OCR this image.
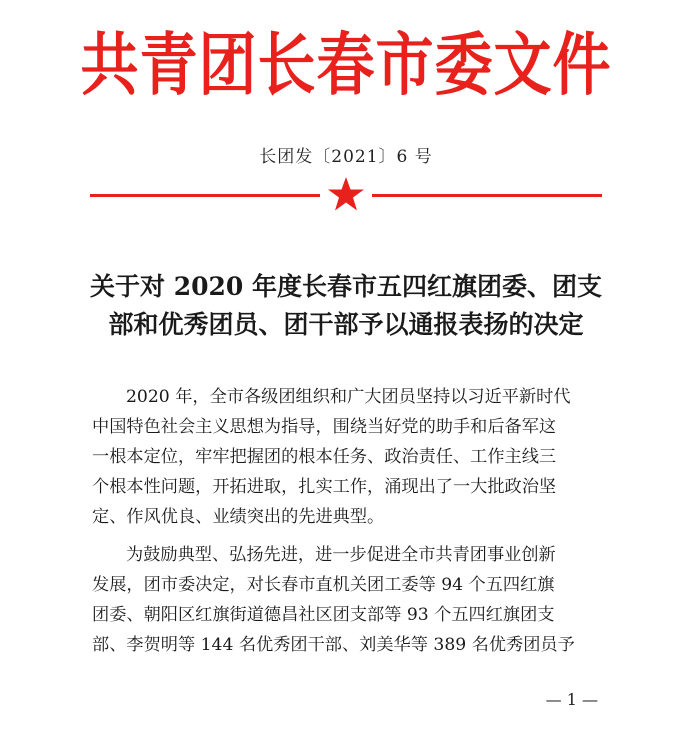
共青团长春市委文件
长团发〔2021〕6 号
关于对 2020 年度长春市五四红旗团委、团支
部和优秀团员、团干部予以通报表扬的决定
2020 年，全市各级团组织和广大团员坚持以习近平新时代
中国特色社会主义思想为指导，围绕当好党的助手和后备军这
一根本定位，牢牢把握团的根本任务、政治责任、工作主线三
个根本性问题，开拓进取，扎实工作，涌现出了一大批政治坚
定、作风优良、业绩突出的先进典型。
为鼓励典型、弘扬先进，进一步促进全市共青团事业创新
发展，团市委决定，对长春市直机关团工委等 94 个五四红旗
团委、朝阳区红旗街道德昌社区团支部等 93 个五四红旗团支
部、李贺明等 144 名优秀团干部、刘美华等 389 名优秀团员予
— 1 —
